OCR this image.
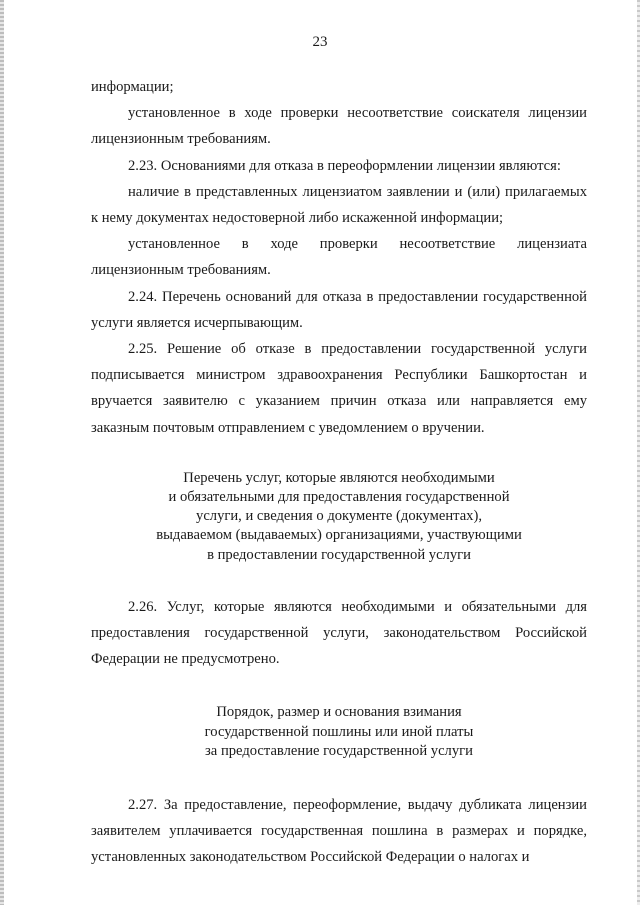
23

информации;

установленное в ходе проверки несоответствие соискателя лицензии лицензионным требованиям.

2.23. Основаниями для отказа в переоформлении лицензии являются:

наличие в представленных лицензиатом заявлении и (или) прилагаемых к нему документах недостоверной либо искаженной информации;

установленное в ходе проверки несоответствие лицензиата лицензионным требованиям.

2.24. Перечень оснований для отказа в предоставлении государственной услуги является исчерпывающим.

2.25. Решение об отказе в предоставлении государственной услуги подписывается министром здравоохранения Республики Башкортостан и вручается заявителю с указанием причин отказа или направляется ему заказным почтовым отправлением с уведомлением о вручении.

Перечень услуг, которые являются необходимыми

и обязательными для предоставления государственной

услуги, и сведения о документе (документах),

выдаваемом (выдаваемых) организациями, участвующими

в предоставлении государственной услуги

2.26. Услуг, которые являются необходимыми и обязательными для предоставления государственной услуги, законодательством Российской Федерации не предусмотрено.

Порядок, размер и основания взимания

государственной пошлины или иной платы

за предоставление государственной услуги

2.27. За предоставление, переоформление, выдачу дубликата лицензии заявителем уплачивается государственная пошлина в размерах и порядке, установленных законодательством Российской Федерации о налогах и
